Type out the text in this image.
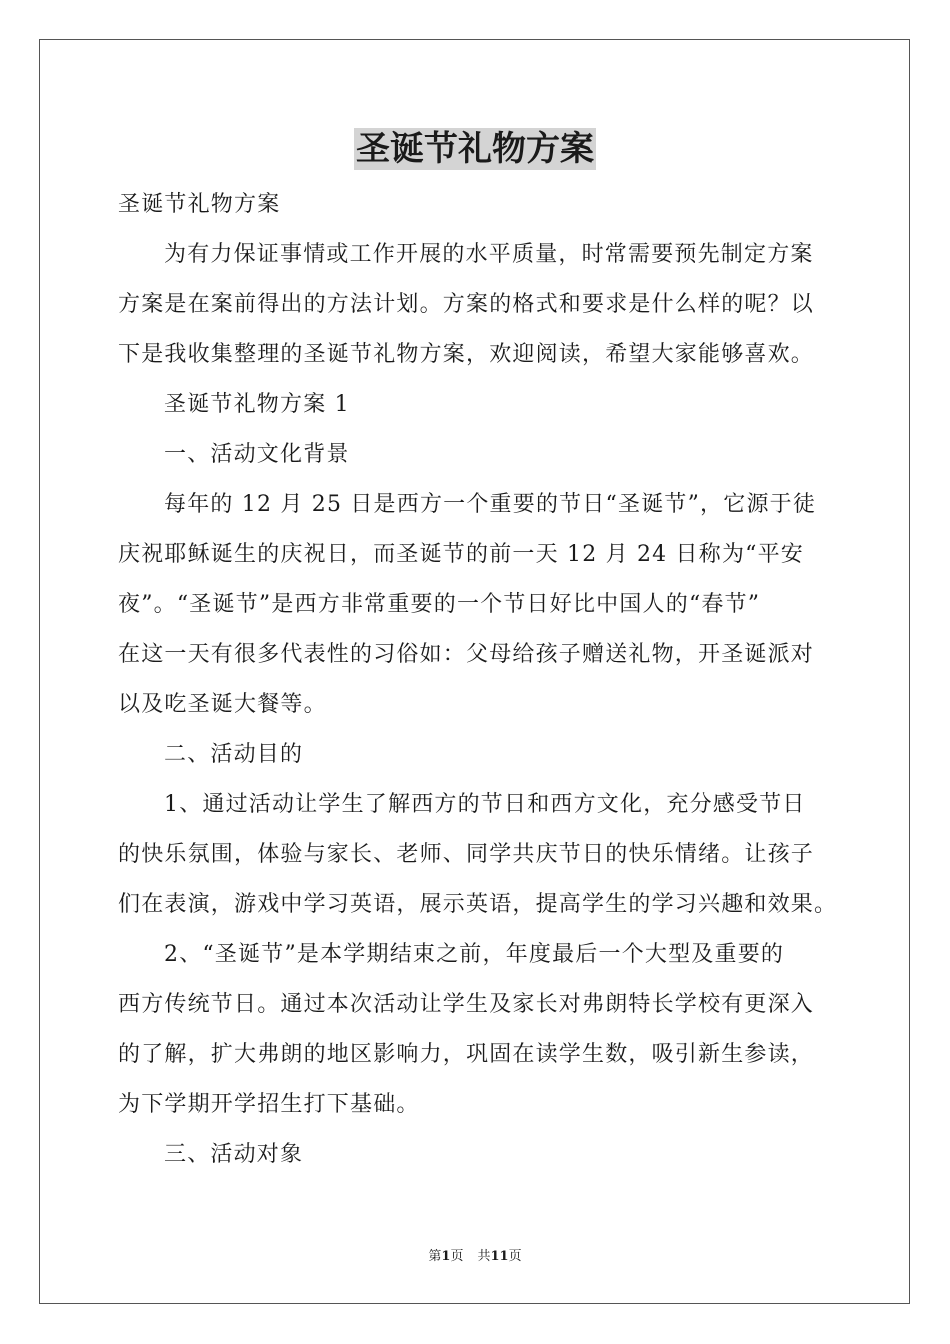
圣诞节礼物方案
圣诞节礼物方案
为有力保证事情或工作开展的水平质量，时常需要预先制定方案
方案是在案前得出的方法计划。方案的格式和要求是什么样的呢？以
下是我收集整理的圣诞节礼物方案，欢迎阅读，希望大家能够喜欢。
圣诞节礼物方案 1
一、活动文化背景
每年的 12 月 25 日是西方一个重要的节日“圣诞节”，它源于徒
庆祝耶稣诞生的庆祝日，而圣诞节的前一天 12 月 24 日称为“平安
夜”。“圣诞节”是西方非常重要的一个节日好比中国人的“春节”
在这一天有很多代表性的习俗如：父母给孩子赠送礼物，开圣诞派对
以及吃圣诞大餐等。
二、活动目的
1、通过活动让学生了解西方的节日和西方文化，充分感受节日
的快乐氛围，体验与家长、老师、同学共庆节日的快乐情绪。让孩子
们在表演，游戏中学习英语，展示英语，提高学生的学习兴趣和效果。
2、“圣诞节”是本学期结束之前，年度最后一个大型及重要的
西方传统节日。通过本次活动让学生及家长对弗朗特长学校有更深入
的了解，扩大弗朗的地区影响力，巩固在读学生数，吸引新生参读，
为下学期开学招生打下基础。
三、活动对象
第1页 共11页
